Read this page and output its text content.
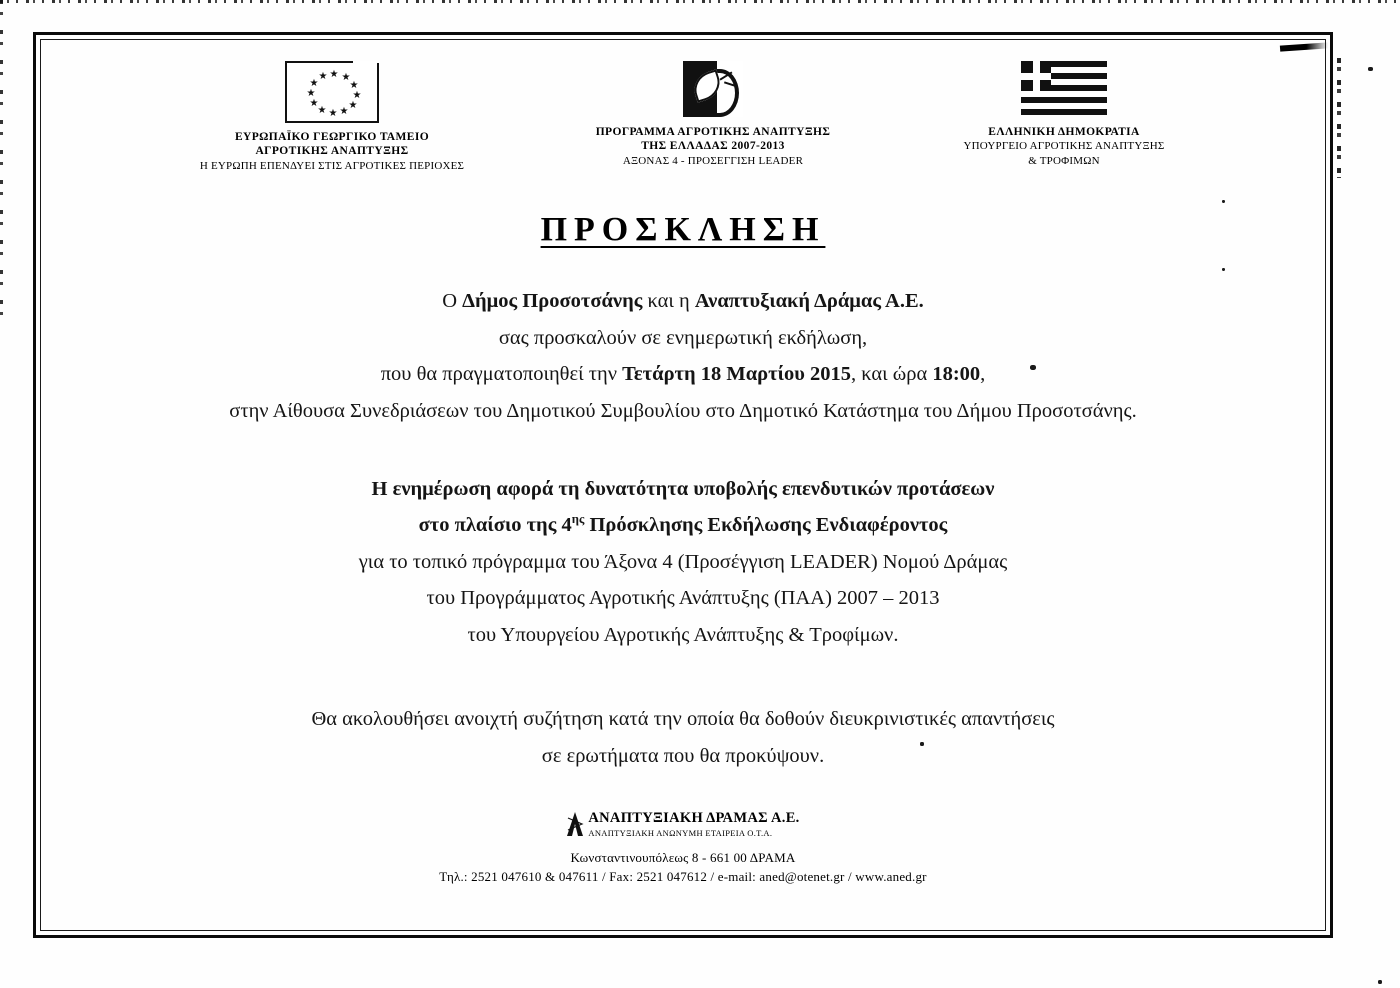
ΕΥΡΩΠΑΪΚΟ ΓΕΩΡΓΙΚΟ ΤΑΜΕΙΟ
ΑΓΡΟΤΙΚΗΣ ΑΝΑΠΤΥΞΗΣ
Η ΕΥΡΩΠΗ ΕΠΕΝΔΥΕΙ ΣΤΙΣ ΑΓΡΟΤΙΚΕΣ ΠΕΡΙΟΧΕΣ
ΠΡΟΓΡΑΜΜΑ ΑΓΡΟΤΙΚΗΣ ΑΝΑΠΤΥΞΗΣ
ΤΗΣ ΕΛΛΑΔΑΣ 2007-2013
ΑΞΟΝΑΣ 4 - ΠΡΟΣΕΓΓΙΣΗ LEADER
ΕΛΛΗΝΙΚΗ ΔΗΜΟΚΡΑΤΙΑ
ΥΠΟΥΡΓΕΙΟ ΑΓΡΟΤΙΚΗΣ ΑΝΑΠΤΥΞΗΣ
& ΤΡΟΦΙΜΩΝ
ΠΡΟΣΚΛΗΣΗ
Ο Δήμος Προσοτσάνης και η Αναπτυξιακή Δράμας Α.Ε.
σας προσκαλούν σε ενημερωτική εκδήλωση,
που θα πραγματοποιηθεί την Τετάρτη 18 Μαρτίου 2015, και ώρα 18:00,
στην Αίθουσα Συνεδριάσεων του Δημοτικού Συμβουλίου στο Δημοτικό Κατάστημα του Δήμου Προσοτσάνης.
Η ενημέρωση αφορά τη δυνατότητα υποβολής επενδυτικών προτάσεων
στο πλαίσιο της $4^{\eta\varsigma}$ Πρόσκλησης Εκδήλωσης Ενδιαφέροντος
για το τοπικό πρόγραμμα του Άξονα 4 (Προσέγγιση LEADER) Νομού Δράμας
του Προγράμματος Αγροτικής Ανάπτυξης (ΠΑΑ) 2007 – 2013
του Υπουργείου Αγροτικής Ανάπτυξης & Τροφίμων.
Θα ακολουθήσει ανοιχτή συζήτηση κατά την οποία θα δοθούν διευκρινιστικές απαντήσεις
σε ερωτήματα που θα προκύψουν.
ΑΝΑΠΤΥΞΙΑΚΗ ΔΡΑΜΑΣ Α.Ε.
ΑΝΑΠΤΥΞΙΑΚΗ ΑΝΩΝΥΜΗ ΕΤΑΙΡΕΙΑ Ο.Τ.Α.
Κωνσταντινουπόλεως 8 - 661 00 ΔΡΑΜΑ
Τηλ.: 2521 047610 & 047611 / Fax: 2521 047612 / e-mail: aned@otenet.gr / www.aned.gr
